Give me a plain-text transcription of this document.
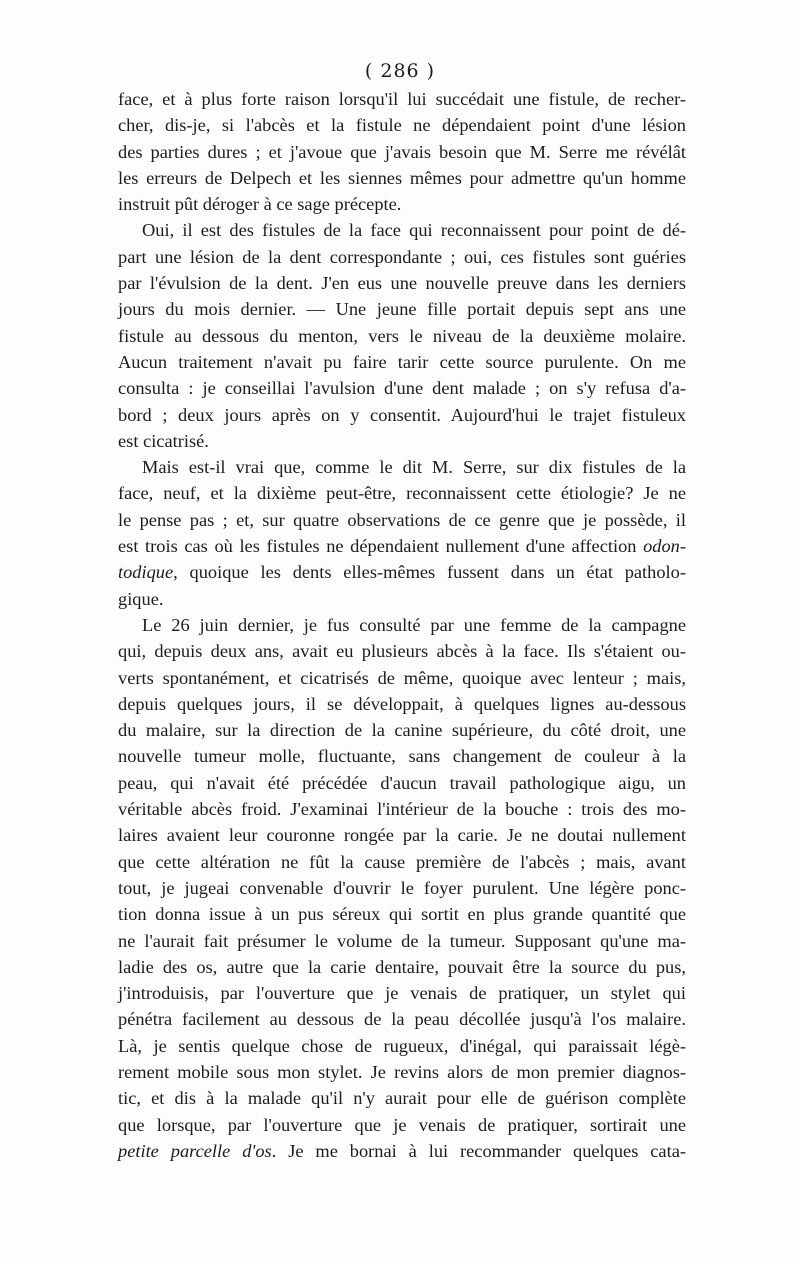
( 286 )
face, et à plus forte raison lorsqu'il lui succédait une fistule, de recher-
cher, dis-je, si l'abcès et la fistule ne dépendaient point d'une lésion
des parties dures ; et j'avoue que j'avais besoin que M. Serre me révélât
les erreurs de Delpech et les siennes mêmes pour admettre qu'un homme
instruit pût déroger à ce sage précepte.
Oui, il est des fistules de la face qui reconnaissent pour point de dé-
part une lésion de la dent correspondante ; oui, ces fistules sont guéries
par l'évulsion de la dent. J'en eus une nouvelle preuve dans les derniers
jours du mois dernier. — Une jeune fille portait depuis sept ans une
fistule au dessous du menton, vers le niveau de la deuxième molaire.
Aucun traitement n'avait pu faire tarir cette source purulente. On me
consulta : je conseillai l'avulsion d'une dent malade ; on s'y refusa d'a-
bord ; deux jours après on y consentit. Aujourd'hui le trajet fistuleux
est cicatrisé.
Mais est-il vrai que, comme le dit M. Serre, sur dix fistules de la
face, neuf, et la dixième peut-être, reconnaissent cette étiologie? Je ne
le pense pas ; et, sur quatre observations de ce genre que je possède, il
est trois cas où les fistules ne dépendaient nullement d'une affection odon-
todique, quoique les dents elles-mêmes fussent dans un état patholo-
gique.
Le 26 juin dernier, je fus consulté par une femme de la campagne
qui, depuis deux ans, avait eu plusieurs abcès à la face. Ils s'étaient ou-
verts spontanément, et cicatrisés de même, quoique avec lenteur ; mais,
depuis quelques jours, il se développait, à quelques lignes au-dessous
du malaire, sur la direction de la canine supérieure, du côté droit, une
nouvelle tumeur molle, fluctuante, sans changement de couleur à la
peau, qui n'avait été précédée d'aucun travail pathologique aigu, un
véritable abcès froid. J'examinai l'intérieur de la bouche : trois des mo-
laires avaient leur couronne rongée par la carie. Je ne doutai nullement
que cette altération ne fût la cause première de l'abcès ; mais, avant
tout, je jugeai convenable d'ouvrir le foyer purulent. Une légère ponc-
tion donna issue à un pus séreux qui sortit en plus grande quantité que
ne l'aurait fait présumer le volume de la tumeur. Supposant qu'une ma-
ladie des os, autre que la carie dentaire, pouvait être la source du pus,
j'introduisis, par l'ouverture que je venais de pratiquer, un stylet qui
pénétra facilement au dessous de la peau décollée jusqu'à l'os malaire.
Là, je sentis quelque chose de rugueux, d'inégal, qui paraissait légè-
rement mobile sous mon stylet. Je revins alors de mon premier diagnos-
tic, et dis à la malade qu'il n'y aurait pour elle de guérison complète
que lorsque, par l'ouverture que je venais de pratiquer, sortirait une
petite parcelle d'os. Je me bornai à lui recommander quelques cata-
